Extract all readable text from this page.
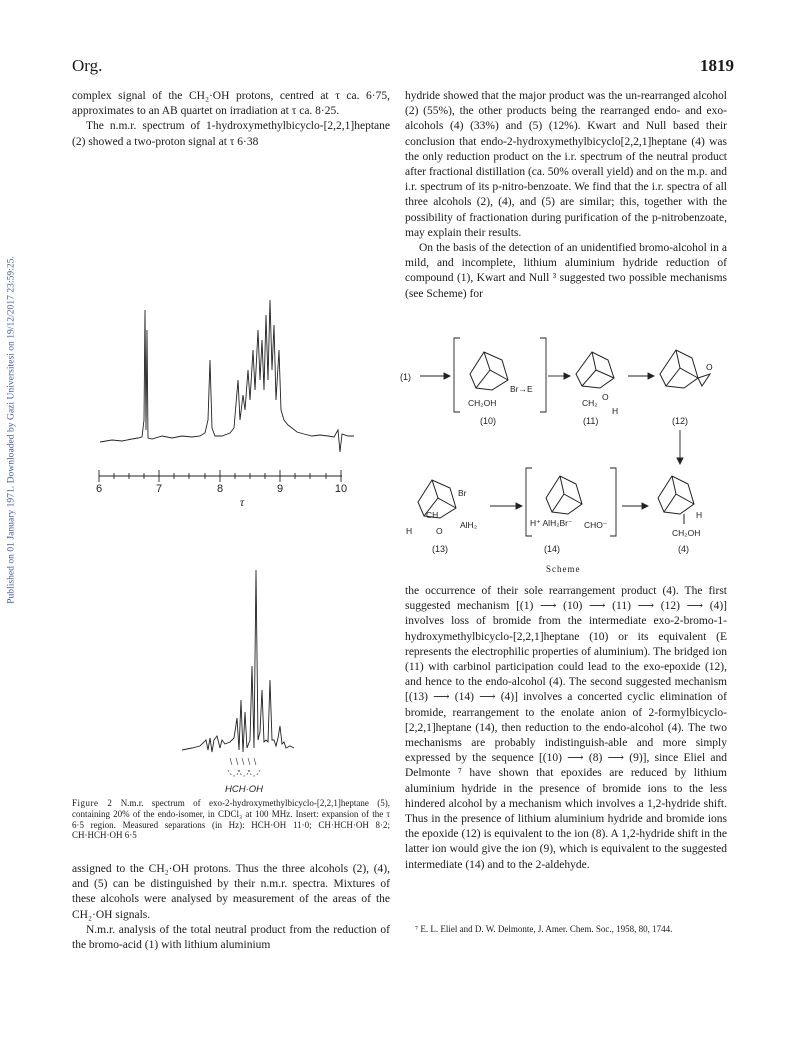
Published on 01 January 1971. Downloaded by Gazi Universitesi on 19/12/2017 23:59:25.
Org.	1819

complex signal of the CH₂·OH protons, centred at τ ca. 6·75, approximates to an AB quartet on irradiation at τ ca. 8·25.

The n.m.r. spectrum of 1-hydroxymethylbicyclo-[2,2,1]heptane (2) showed a two-proton signal at τ 6·38

6	7	8	9	10
τ
HCH·OH
Figure 2 N.m.r. spectrum of exo-2-hydroxymethylbicyclo-[2,2,1]heptane (5), containing 20% of the endo-isomer, in CDCl₃ at 100 MHz. Insert: expansion of the τ 6·5 region. Measured separations (in Hz): HCH·OH 11·0; CH·HCH·OH 8·2; CH·HCH·OH 6·5

assigned to the CH₂·OH protons. Thus the three alcohols (2), (4), and (5) can be distinguished by their n.m.r. spectra. Mixtures of these alcohols were analysed by measurement of the areas of the CH₂·OH signals.

N.m.r. analysis of the total neutral product from the reduction of the bromo-acid (1) with lithium aluminium

hydride showed that the major product was the un-rearranged alcohol (2) (55%), the other products being the rearranged endo- and exo-alcohols (4) (33%) and (5) (12%). Kwart and Null based their conclusion that endo-2-hydroxymethylbicyclo[2,2,1]heptane (4) was the only reduction product on the i.r. spectrum of the neutral product after fractional distillation (ca. 50% overall yield) and on the m.p. and i.r. spectrum of its p-nitro-benzoate. We find that the i.r. spectra of all three alcohols (2), (4), and (5) are similar; this, together with the possibility of fractionation during purification of the p-nitrobenzoate, may explain their results.

On the basis of the detection of an unidentified bromo-alcohol in a mild, and incomplete, lithium aluminium hydride reduction of compound (1), Kwart and Null ³ suggested two possible mechanisms (see Scheme) for

(1)
(10)	(11)	(12)
(13)	(14)	(4)
CH₂OH
Br→E
CH₂
O
H
O
CH
Br
AlH₂
H	O
H⁺ AlH₂Br⁻ CHO⁻
H
CH₂OH
Scheme

the occurrence of their sole rearrangement product (4). The first suggested mechanism [(1) ⟶ (10) ⟶ (11) ⟶ (12) ⟶ (4)] involves loss of bromide from the intermediate exo-2-bromo-1-hydroxymethylbicyclo-[2,2,1]heptane (10) or its equivalent (E represents the electrophilic properties of aluminium). The bridged ion (11) with carbinol participation could lead to the exo-epoxide (12), and hence to the endo-alcohol (4). The second suggested mechanism [(13) ⟶ (14) ⟶ (4)] involves a concerted cyclic elimination of bromide, rearrangement to the enolate anion of 2-formylbicyclo-[2,2,1]heptane (14), then reduction to the endo-alcohol (4). The two mechanisms are probably indistinguish-able and more simply expressed by the sequence [(10) ⟶ (8) ⟶ (9)], since Eliel and Delmonte ⁷ have shown that epoxides are reduced by lithium aluminium hydride in the presence of bromide ions to the less hindered alcohol by a mechanism which involves a 1,2-hydride shift. Thus in the presence of lithium aluminium hydride and bromide ions the epoxide (12) is equivalent to the ion (8). A 1,2-hydride shift in the latter ion would give the ion (9), which is equivalent to the suggested intermediate (14) and to the 2-aldehyde.

⁷ E. L. Eliel and D. W. Delmonte, J. Amer. Chem. Soc., 1958, 80, 1744.
